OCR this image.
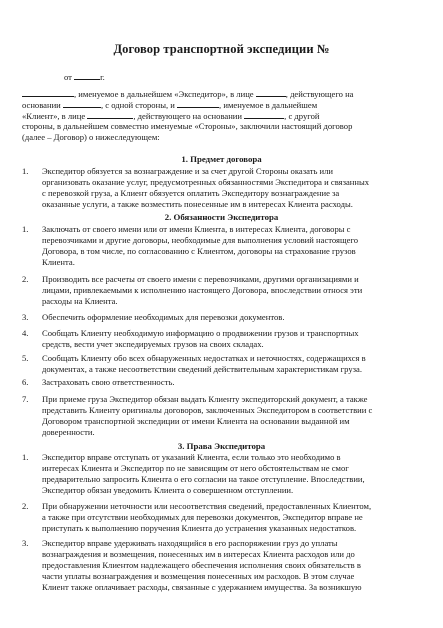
Договор транспортной экспедиции №
от	г.
, именуемое в дальнейшем «Экспедитор», в лице	, действующего на
основании	, с одной стороны, и	, именуемое в дальнейшем
«Клиент», в лице	, действующего на основании	, с другой
стороны, в дальнейшем совместно именуемые «Стороны», заключили настоящий договор
(далее – Договор) о нижеследующем:
1. Предмет договора
1. Экспедитор обязуется за вознаграждение и за счет другой Стороны оказать или
организовать оказание услуг, предусмотренных обязанностями Экспедитора и связанных
с перевозкой груза, а Клиент обязуется оплатить Экспедитору вознаграждение за
оказанные услуги, а также возместить понесенные им в интересах Клиента расходы.
2. Обязанности Экспедитора
1. Заключать от своего имени или от имени Клиента, в интересах Клиента, договоры с
перевозчиками и другие договоры, необходимые для выполнения условий настоящего
Договора, в том числе, по согласованию с Клиентом, договоры на страхование грузов
Клиента.
2. Производить все расчеты от своего имени с перевозчиками, другими организациями и
лицами, привлекаемыми к исполнению настоящего Договора, впоследствии относя эти
расходы на Клиента.
3. Обеспечить оформление необходимых для перевозки документов.
4. Сообщать Клиенту необходимую информацию о продвижении грузов и транспортных
средств, вести учет экспедируемых грузов на своих складах.
5. Сообщать Клиенту обо всех обнаруженных недостатках и неточностях, содержащихся в
документах, а также несоответствии сведений действительным характеристикам груза.
6. Застраховать свою ответственность.
7. При приеме груза Экспедитор обязан выдать Клиенту экспедиторский документ, а также
представить Клиенту оригиналы договоров, заключенных Экспедитором в соответствии с
Договором транспортной экспедиции от имени Клиента на основании выданной им
доверенности.
3. Права Экспедитора
1. Экспедитор вправе отступать от указаний Клиента, если только это необходимо в
интересах Клиента и Экспедитор по не зависящим от него обстоятельствам не смог
предварительно запросить Клиента о его согласии на такое отступление. Впоследствии,
Экспедитор обязан уведомить Клиента о совершенном отступлении.
2. При обнаружении неточности или несоответствия сведений, предоставленных Клиентом,
а также при отсутствии необходимых для перевозки документов, Экспедитор вправе не
приступать к выполнению поручения Клиента до устранения указанных недостатков.
3. Экспедитор вправе удерживать находящийся в его распоряжении груз до уплаты
вознаграждения и возмещения, понесенных им в интересах Клиента расходов или до
предоставления Клиентом надлежащего обеспечения исполнения своих обязательств в
части уплаты вознаграждения и возмещения понесенных им расходов. В этом случае
Клиент также оплачивает расходы, связанные с удержанием имущества. За возникшую
